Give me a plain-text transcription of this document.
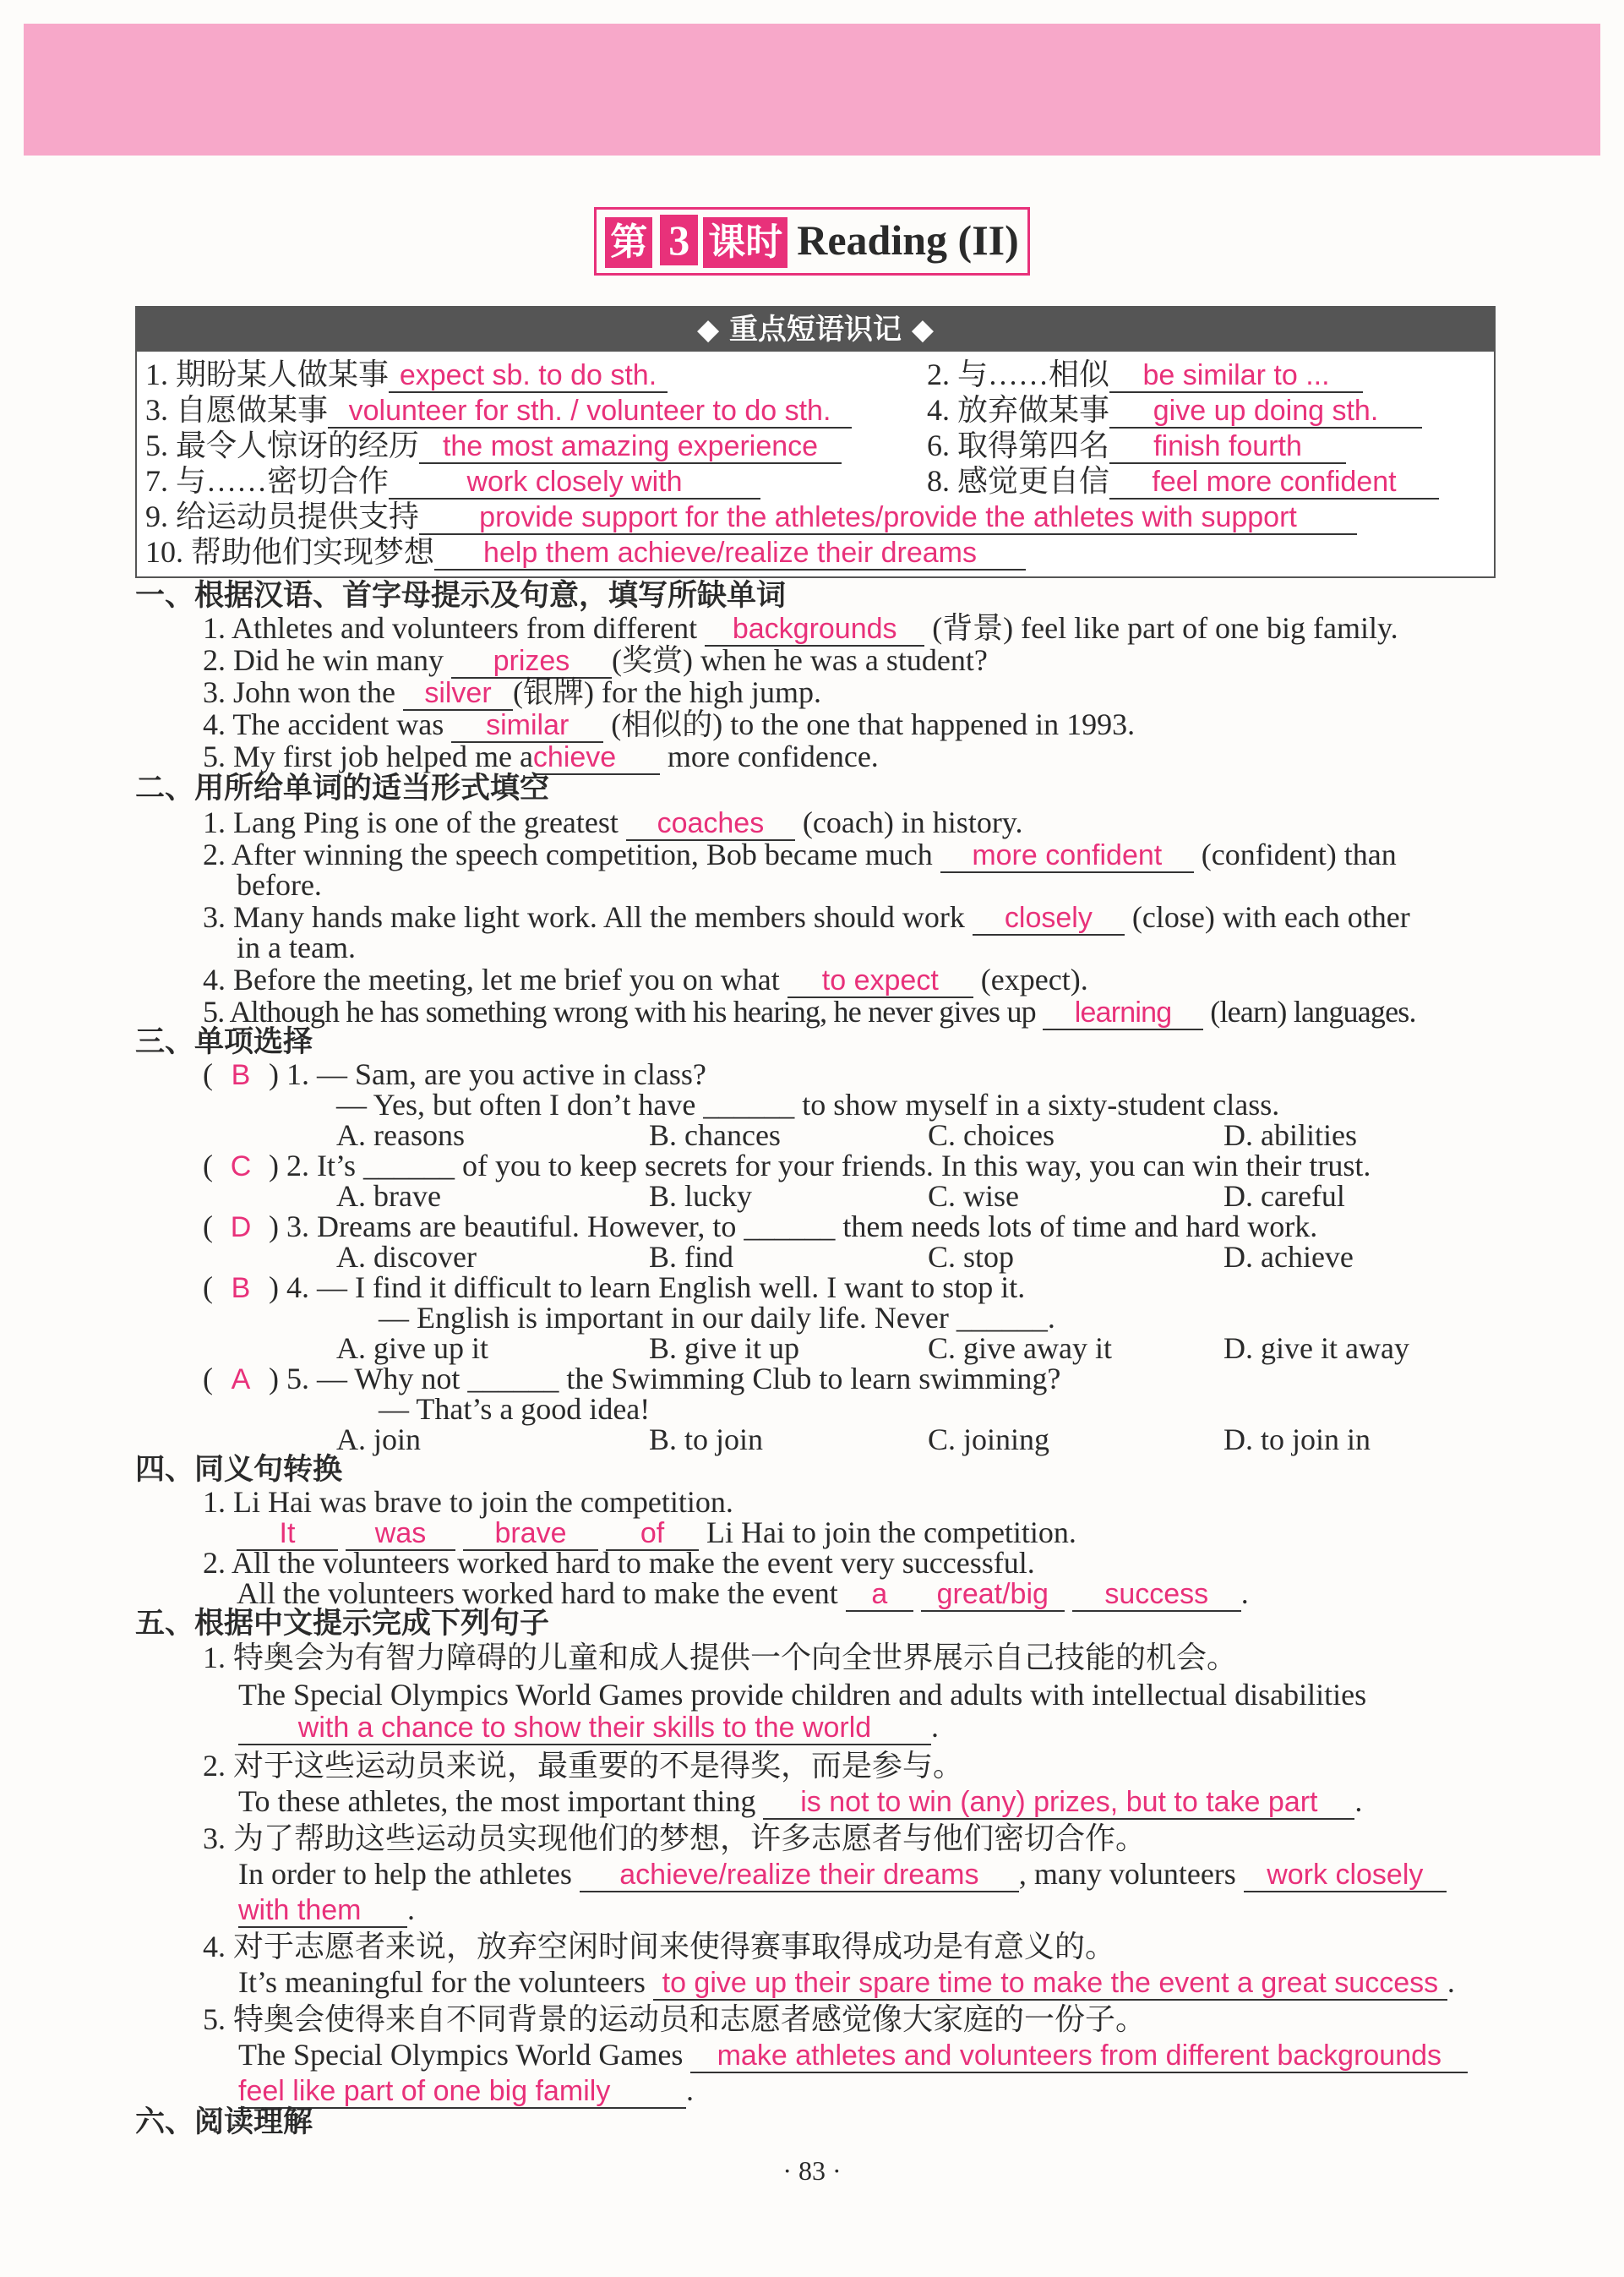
第 3 课时 Reading (II)
◆ 重点短语识记 ◆
1. 期盼某人做某事 expect sb. to do sth.	2. 与……相似 be similar to ...
3. 自愿做某事 volunteer for sth. / volunteer to do sth.	4. 放弃做某事 give up doing sth.
5. 最令人惊讶的经历 the most amazing experience	6. 取得第四名 finish fourth
7. 与……密切合作	work closely with	8. 感觉更自信 feel more confident
9. 给运动员提供支持 provide support for the athletes/provide the athletes with support
10. 帮助他们实现梦想 help them achieve/realize their dreams
一、根据汉语、首字母提示及句意，填写所缺单词
1. Athletes and volunteers from different backgrounds (背景) feel like part of one big family.
2. Did he win many prizes (奖赏) when he was a student?
3. John won the silver (银牌) for the high jump.
4. The accident was similar (相似的) to the one that happened in 1993.
5. My first job helped me achieve more confidence.
二、用所给单词的适当形式填空
1. Lang Ping is one of the greatest coaches (coach) in history.
2. After winning the speech competition, Bob became much more confident (confident) than
before.
3. Many hands make light work. All the members should work closely (close) with each other
in a team.
4. Before the meeting, let me brief you on what to expect (expect).
5. Although he has something wrong with his hearing, he never gives up learning (learn) languages.
三、单项选择
( B ) 1. — Sam, are you active in class?
— Yes, but often I don’t have ______ to show myself in a sixty-student class.
A. reasons	B. chances	C. choices	D. abilities
( C ) 2. It’s ______ of you to keep secrets for your friends. In this way, you can win their trust.
A. brave	B. lucky	C. wise	D. careful
( D ) 3. Dreams are beautiful. However, to ______ them needs lots of time and hard work.
A. discover	B. find	C. stop	D. achieve
( B ) 4. — I find it difficult to learn English well. I want to stop it.
— English is important in our daily life. Never ______.
A. give up it	B. give it up	C. give away it	D. give it away
( A ) 5. — Why not ______ the Swimming Club to learn swimming?
— That’s a good idea!
A. join	B. to join	C. joining	D. to join in
四、同义句转换
1. Li Hai was brave to join the competition.
It	was brave	of Li Hai to join the competition.
2. All the volunteers worked hard to make the event very successful.
All the volunteers worked hard to make the event a great/big success .
五、根据中文提示完成下列句子
1. 特奥会为有智力障碍的儿童和成人提供一个向全世界展示自己技能的机会。
The Special Olympics World Games provide children and adults with intellectual disabilities
with a chance to show their skills to the world .
2. 对于这些运动员来说，最重要的不是得奖，而是参与。
To these athletes, the most important thing is not to win (any) prizes, but to take part .
3. 为了帮助这些运动员实现他们的梦想，许多志愿者与他们密切合作。
In order to help the athletes achieve/realize their dreams , many volunteers work closely
with them .
4. 对于志愿者来说，放弃空闲时间来使得赛事取得成功是有意义的。
It’s meaningful for the volunteers to give up their spare time to make the event a great success .
5. 特奥会使得来自不同背景的运动员和志愿者感觉像大家庭的一份子。
The Special Olympics World Games make athletes and volunteers from different backgrounds
feel like part of one big family .
六、阅读理解
· 83 ·
